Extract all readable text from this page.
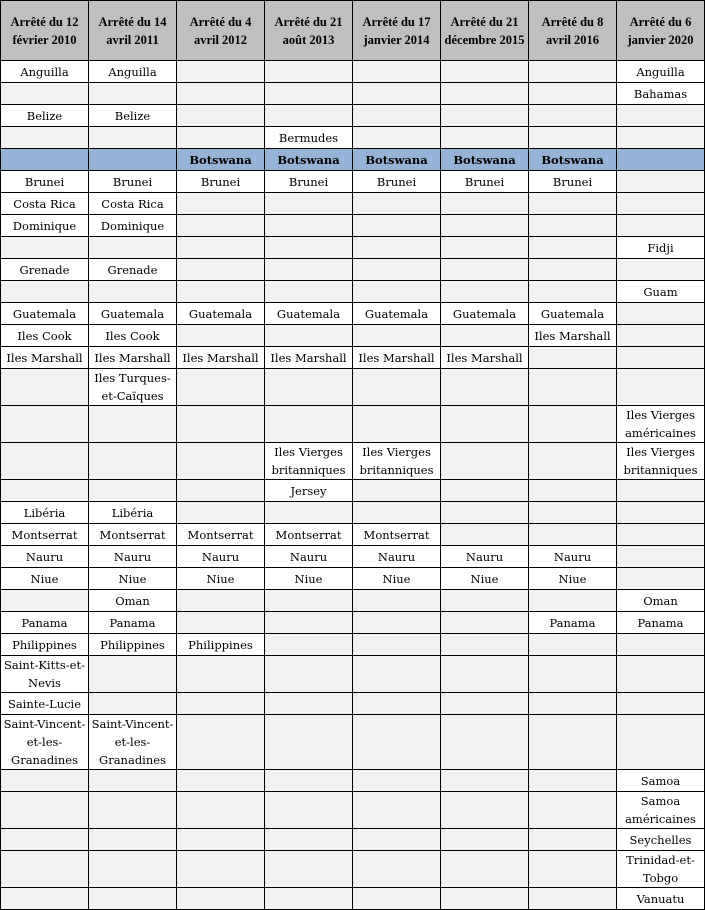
Arrêté du 12 février 2010	Arrêté du 14 avril 2011	Arrêté du 4 avril 2012	Arrêté du 21 août 2013	Arrêté du 17 janvier 2014	Arrêté du 21 décembre 2015	Arrêté du 8 avril 2016	Arrêté du 6 janvier 2020
Anguilla	Anguilla						Anguilla
							Bahamas
Belize	Belize						
			Bermudes				
		Botswana	Botswana	Botswana	Botswana	Botswana	
Brunei	Brunei	Brunei	Brunei	Brunei	Brunei	Brunei	
Costa Rica	Costa Rica						
Dominique	Dominique						
							Fidji
Grenade	Grenade						
							Guam
Guatemala	Guatemala	Guatemala	Guatemala	Guatemala	Guatemala	Guatemala	
Iles Cook	Iles Cook					Iles Marshall	
Iles Marshall	Iles Marshall	Iles Marshall	Iles Marshall	Iles Marshall	Iles Marshall		
	Iles Turques-et-Caïques						
							Iles Vierges américaines
			Iles Vierges britanniques	Iles Vierges britanniques			Iles Vierges britanniques
			Jersey				
Libéria	Libéria						
Montserrat	Montserrat	Montserrat	Montserrat	Montserrat			
Nauru	Nauru	Nauru	Nauru	Nauru	Nauru	Nauru	
Niue	Niue	Niue	Niue	Niue	Niue	Niue	
	Oman						Oman
Panama	Panama					Panama	Panama
Philippines	Philippines	Philippines					
Saint-Kitts-et-Nevis							
Sainte-Lucie							
Saint-Vincent-et-les-Granadines	Saint-Vincent-et-les-Granadines						
							Samoa
							Samoa américaines
							Seychelles
							Trinidad-et-Tobgo
							Vanuatu
